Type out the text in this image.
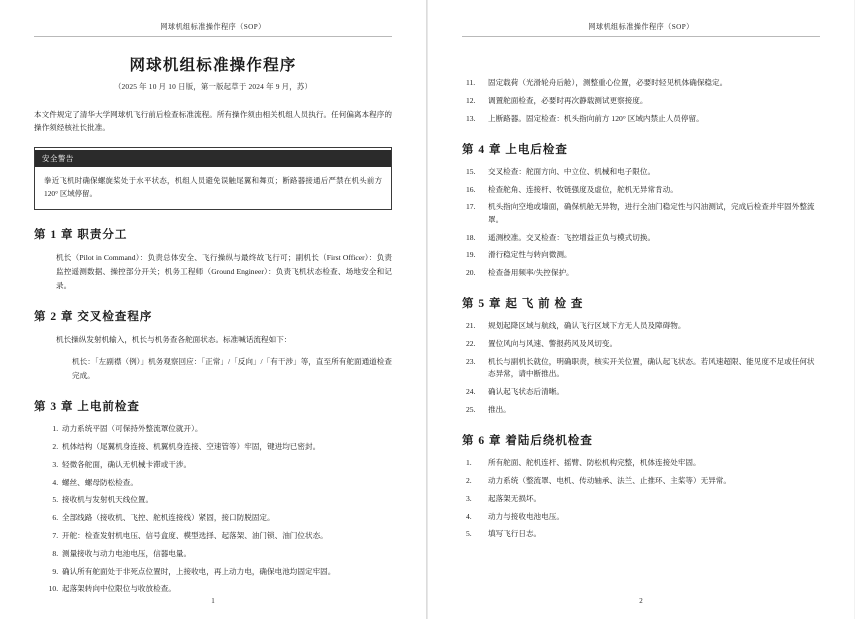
网球机组标准操作程序（SOP）
网球机组标准操作程序
（2025 年 10 月 10 日版，第一版起草于 2024 年 9 月，苏）

本文件规定了清华大学网球机飞行前后检查标准流程。所有操作须由相关机组人员执行。任何偏离本程序的操作须经核社长批准。

安全警告
拳近飞机时确保螺旋桨处于水平状态，机组人员避免误触尾翼和舞页；断路器接通后严禁在机头前方 120° 区域停留。
第 1 章 职责分工
机长（Pilot in Command）：负责总体安全、飞行操纵与最终故飞行可；副机长（First Officer）：负责监控遥测数据、操控部分开关；机务工程师（Ground Engineer）：负责飞机状态检查、场地安全和记录。
第 2 章 交叉检查程序
机长操纵发射机输入，机长与机务查各舵面状态。标准喊话流程如下：
机长：「左副襟（例）」机务观察回应：「正常」/「反向」/「有干涉」等，直至所有舵面通道检查完成。
第 3 章 上电前检查
1. 动力系统平固（可保持外整流罩位就开）。
2. 机体结构（尾翼机身连接、机翼机身连接、空速管等）牢固，键进均已密封。
3. 轻微各舵面，确认无机械卡滞或干涉。
4. 螺丝、螺母防松检查。
5. 接收机与发射机天线位置。
6. 全部线路（接收机、飞控、舵机连接线）紧固，接口防脱固定。
7. 开舵：检查发射机电压、信号盒度、模型选择、起落架、油门锁、油门位状态。
8. 测量接收与动力电池电压，信器电量。
9. 确认所有舵面处于非死点位置时，上接收电，再上动力电，确保电池均固定牢固。
10. 起落架转向中位限位与收放检查。
1
网球机组标准操作程序（SOP）
11. 固定载荷（光滑轮舟后舱），测整重心位置，必要时轻见机体确保稳定。
12. 调置舵面检查，必要时再次静载测试更察接度。
13. 上断路器。固定检查：机头指向前方 120° 区域内禁止人员停留。
第 4 章 上电后检查
15. 交叉检查：舵面方向、中立位、机械和电子限位。
16. 检查舵角、连接杆、牧链强度及虚位，舵机无异常肯动。
17. 机头指向空地或墙面，确保机舱无异物，进行全油门稳定性与闪油测试，完成后检查并牢固外整流罩。
18. 遥测校准。交叉检查：飞控增益正负与模式切换。
19. 滑行稳定性与转向微测。
20. 检查备用频率/失控保护。
第 5 章 起 飞 前 检 查
21. 规划起降区域与航线，确认飞行区域下方无人员及障碍物。
22. 置位风向与风速、警报药风及风切变。
23. 机长与副机长就位，明确职责，核实开关位置，确认起飞状态。若风速超限、能见度不足或任何状态异常，请中断推出。
24. 确认起飞状态后清晰。
25. 推出。
第 6 章 着陆后绕机检查
1. 所有舵面、舵机连杆、摇臂、防松机构完整，机体连接处牢固。
2. 动力系统（整流罩、电机、传动轴承、法兰、止推环、主桨等）无异常。
3. 起落架无损坏。
4. 动力与接收电池电压。
5. 填写飞行日志。
2
